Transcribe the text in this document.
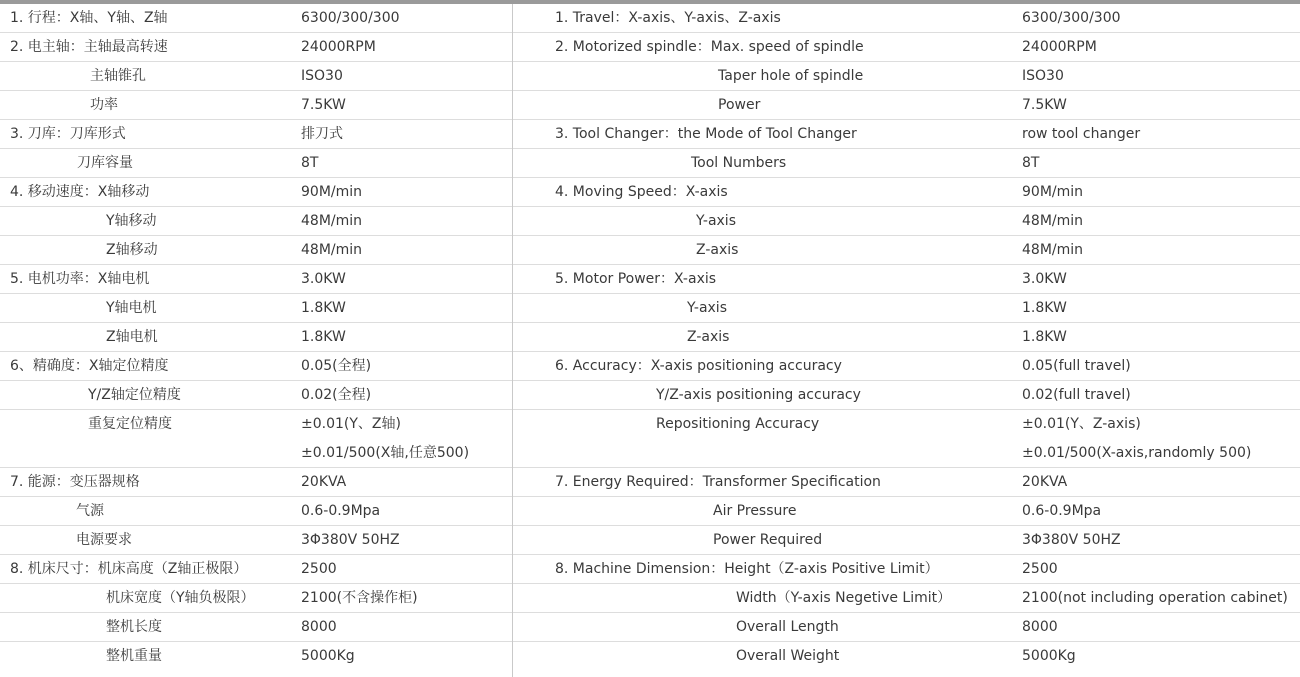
1. 行程：X轴、Y轴、Z轴	6300/300/300
2. 电主轴：主轴最高转速	24000RPM
主轴锥孔	ISO30
功率	7.5KW
3. 刀库：刀库形式	排刀式
刀库容量	8T
4. 移动速度：X轴移动	90M/min
Y轴移动	48M/min
Z轴移动	48M/min
5. 电机功率：X轴电机	3.0KW
Y轴电机	1.8KW
Z轴电机	1.8KW
6、精确度：X轴定位精度	0.05(全程)
Y/Z轴定位精度	0.02(全程)
重复定位精度	±0.01(Y、Z轴)
±0.01/500(X轴,任意500)
7. 能源：变压器规格	20KVA
气源	0.6-0.9Mpa
电源要求	3Φ380V 50HZ
8. 机床尺寸：机床高度（Z轴正极限）	2500
机床宽度（Y轴负极限）	2100(不含操作柜)
整机长度	8000
整机重量	5000Kg
1. Travel：X-axis、Y-axis、Z-axis	6300/300/300
2. Motorized spindle：Max. speed of spindle	24000RPM
Taper hole of spindle	ISO30
Power	7.5KW
3. Tool Changer：the Mode of Tool Changer	row tool changer
Tool Numbers	8T
4. Moving Speed：X-axis	90M/min
Y-axis	48M/min
Z-axis	48M/min
5. Motor Power：X-axis	3.0KW
Y-axis	1.8KW
Z-axis	1.8KW
6. Accuracy：X-axis positioning accuracy	0.05(full travel)
Y/Z-axis positioning accuracy	0.02(full travel)
Repositioning Accuracy	±0.01(Y、Z-axis)
±0.01/500(X-axis,randomly 500)
7. Energy Required：Transformer Specification	20KVA
Air Pressure	0.6-0.9Mpa
Power Required	3Φ380V 50HZ
8. Machine Dimension：Height（Z-axis Positive Limit）	2500
Width（Y-axis Negetive Limit）	2100(not including operation cabinet)
Overall Length	8000
Overall Weight	5000Kg
